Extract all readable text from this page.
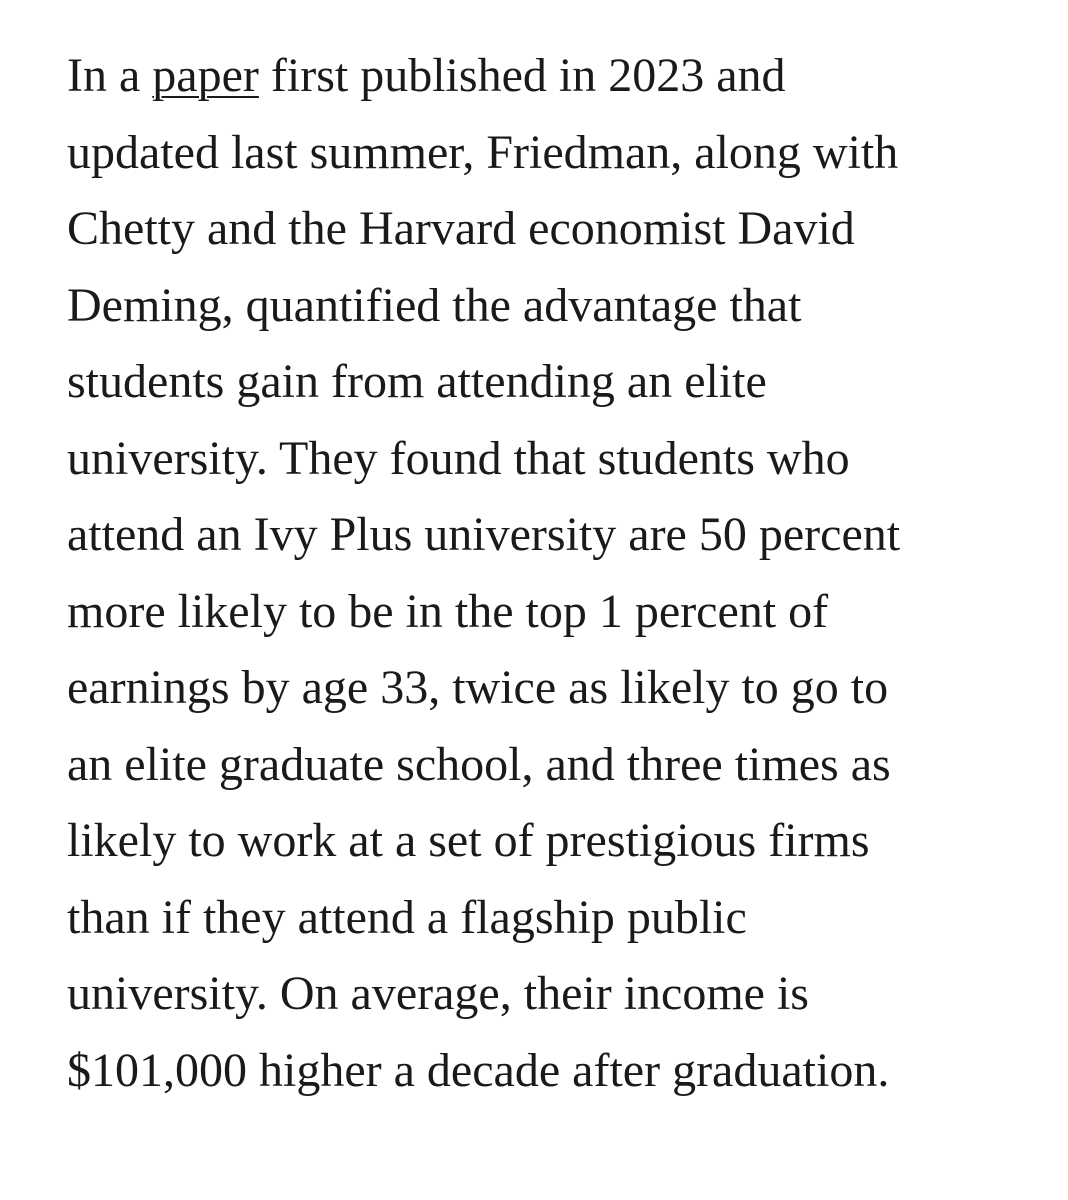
In a paper first published in 2023 and
updated last summer, Friedman, along with
Chetty and the Harvard economist David
Deming, quantified the advantage that
students gain from attending an elite
university. They found that students who
attend an Ivy Plus university are 50 percent
more likely to be in the top 1 percent of
earnings by age 33, twice as likely to go to
an elite graduate school, and three times as
likely to work at a set of prestigious firms
than if they attend a flagship public
university. On average, their income is
$101,000 higher a decade after graduation.
